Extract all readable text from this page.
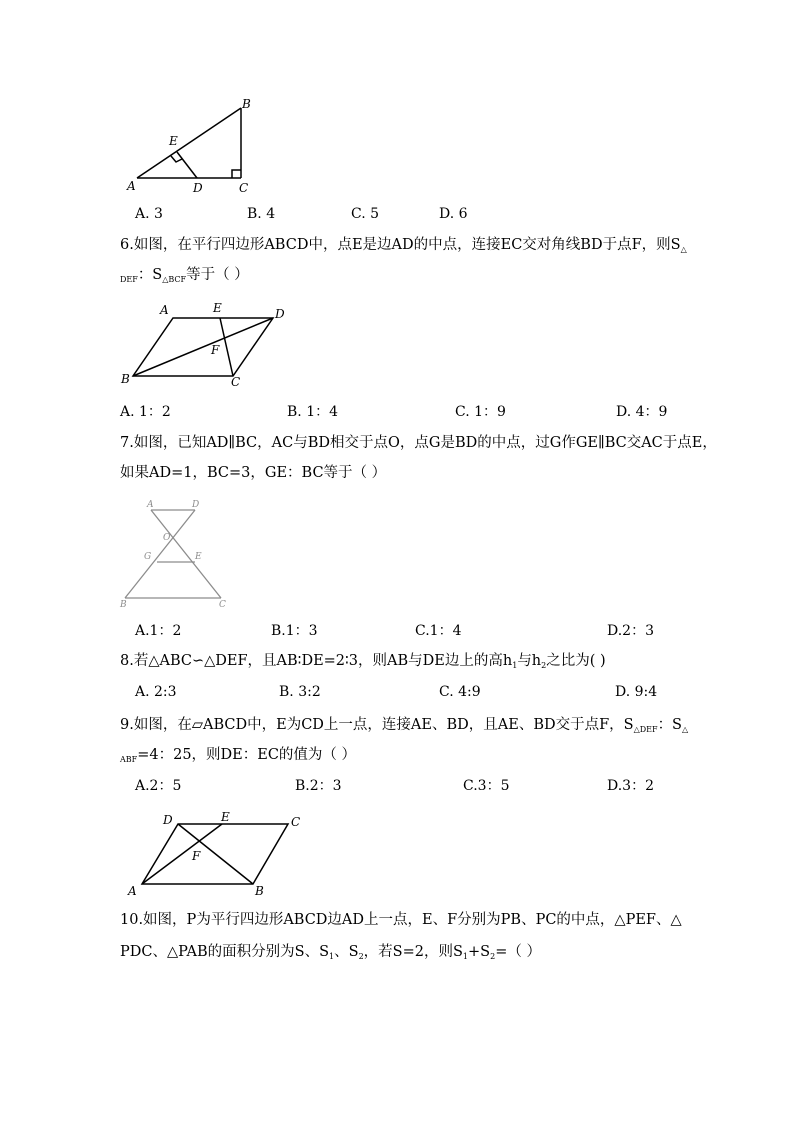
B
E
A	D	C
A. 3	B. 4	C. 5	D. 6
6.如图，在平行四边形ABCD中，点E是边AD的中点，连接EC交对角线BD于点F，则$S_\triangle$
$_{DEF}$：$S_{\triangle BCF}$等于（ ）
A	E	D
F
B	C
A. 1：2	B. 1：4	C. 1：9	D. 4：9
7.如图，已知AD∥BC，AC与BD相交于点O，点G是BD的中点，过G作GE∥BC交AC于点E，
如果AD=1，BC=3，GE：BC等于（ ）
A	D
O
G	E
B	C
A.1：2	B.1：3	C.1：4	D.2：3
8.若△ABC∽△DEF，且AB∶DE=2∶3，则AB与DE边上的高$h_1$与$h_2$之比为( )
A. 2:3	B. 3:2	C. 4:9	D. 9:4
9.如图，在▱ABCD中，E为CD上一点，连接AE、BD，且AE、BD交于点F，$S_{\triangle DEF}$：$S_\triangle$
$_{ABF}$=4：25，则DE：EC的值为（ ）
A.2：5	B.2：3	C.3：5	D.3：2
D	E	C
F
A	B
10.如图，P为平行四边形ABCD边AD上一点，E、F分别为PB、PC的中点，△PEF、△
PDC、△PAB的面积分别为S、$S_1$、$S_2$，若S=2，则$S_1+S_2=$（ ）
